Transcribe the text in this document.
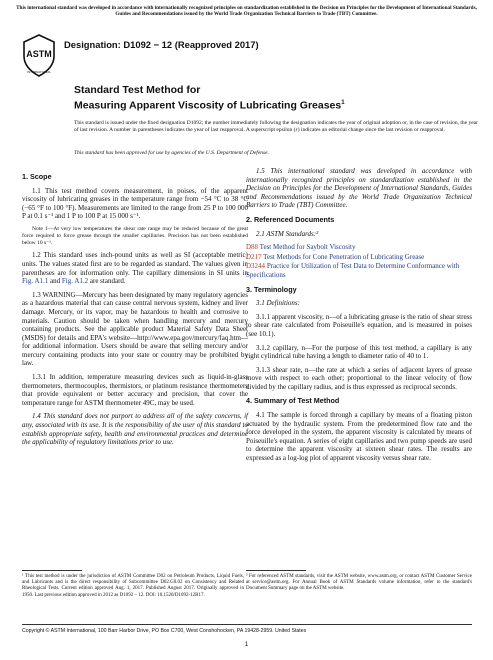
This international standard was developed in accordance with internationally recognized principles on standardization established in the Decision on Principles for the Development of International Standards, Guides and Recommendations issued by the World Trade Organization Technical Barriers to Trade (TBT) Committee.
ASTM
INTERNATIONAL
Designation: D1092 − 12 (Reapproved 2017)
Standard Test Method for
Measuring Apparent Viscosity of Lubricating Greases$^1$
This standard is issued under the fixed designation D1092; the number immediately following the designation indicates the year of original adoption or, in the case of revision, the year of last revision. A number in parentheses indicates the year of last reapproval. A superscript epsilon (ε) indicates an editorial change since the last revision or reapproval.
This standard has been approved for use by agencies of the U.S. Department of Defense.
1. Scope

1.1 This test method covers measurement, in poises, of the apparent viscosity of lubricating greases in the temperature range from −54 °C to 38 °C (−65 °F to 100 °F). Measurements are limited to the range from 25 P to 100 000 P at 0.1 s⁻¹ and 1 P to 100 P at 15 000 s⁻¹.

Note 1—At very low temperatures the shear rate range may be reduced because of the great force required to force grease through the smaller capillaries. Precision has not been established below 10 s⁻¹.

1.2 This standard uses inch-pound units as well as SI (acceptable metric) units. The values stated first are to be regarded as standard. The values given in parentheses are for information only. The capillary dimensions in SI units in Fig. A1.1 and Fig. A1.2 are standard.

1.3 WARNING—Mercury has been designated by many regulatory agencies as a hazardous material that can cause central nervous system, kidney and liver damage. Mercury, or its vapor, may be hazardous to health and corrosive to materials. Caution should be taken when handling mercury and mercury containing products. See the applicable product Material Safety Data Sheet (MSDS) for details and EPA's website—http://www.epa.gov/mercury/faq.htm—for additional information. Users should be aware that selling mercury and/or mercury containing products into your state or country may be prohibited by law.

1.3.1 In addition, temperature measuring devices such as liquid-in-glass thermometers, thermocouples, thermistors, or platinum resistance thermometers that provide equivalent or better accuracy and precision, that cover the temperature range for ASTM thermometer 49C, may be used.

1.4 This standard does not purport to address all of the safety concerns, if any, associated with its use. It is the responsibility of the user of this standard to establish appropriate safety, health and environmental practices and determine the applicability of regulatory limitations prior to use.

1.5 This international standard was developed in accordance with internationally recognized principles on standardization established in the Decision on Principles for the Development of International Standards, Guides and Recommendations issued by the World Trade Organization Technical Barriers to Trade (TBT) Committee.

2. Referenced Documents

2.1 ASTM Standards:²

D88 Test Method for Saybolt Viscosity
D217 Test Methods for Cone Penetration of Lubricating Grease
D3244 Practice for Utilization of Test Data to Determine Conformance with Specifications
3. Terminology

3.1 Definitions:

3.1.1 apparent viscosity, n—of a lubricating grease is the ratio of shear stress to shear rate calculated from Poiseuille's equation, and is measured in poises (see 10.1).

3.1.2 capillary, n—For the purpose of this test method, a capillary is any right cylindrical tube having a length to diameter ratio of 40 to 1.

3.1.3 shear rate, n—the rate at which a series of adjacent layers of grease move with respect to each other; proportional to the linear velocity of flow divided by the capillary radius, and is thus expressed as reciprocal seconds.

4. Summary of Test Method

4.1 The sample is forced through a capillary by means of a floating piston actuated by the hydraulic system. From the predetermined flow rate and the force developed in the system, the apparent viscosity is calculated by means of Poiseuille's equation. A series of eight capillaries and two pump speeds are used to determine the apparent viscosity at sixteen shear rates. The results are expressed as a log-log plot of apparent viscosity versus shear rate.

¹ This test method is under the jurisdiction of ASTM Committee D02 on Petroleum Products, Liquid Fuels, and Lubricants and is the direct responsibility of Subcommittee D02.G0.02 on Consistency and Related Rheological Tests. Current edition approved Aug. 1, 2017. Published August 2017. Originally approved in 1950. Last previous edition approved in 2012 as D1092 – 12. DOI: 10.1520/D1092-12R17.
² For referenced ASTM standards, visit the ASTM website, www.astm.org, or contact ASTM Customer Service at service@astm.org. For Annual Book of ASTM Standards volume information, refer to the standard's Document Summary page on the ASTM website.
Copyright © ASTM International, 100 Barr Harbor Drive, PO Box C700, West Conshohocken, PA 19428-2959. United States
1
